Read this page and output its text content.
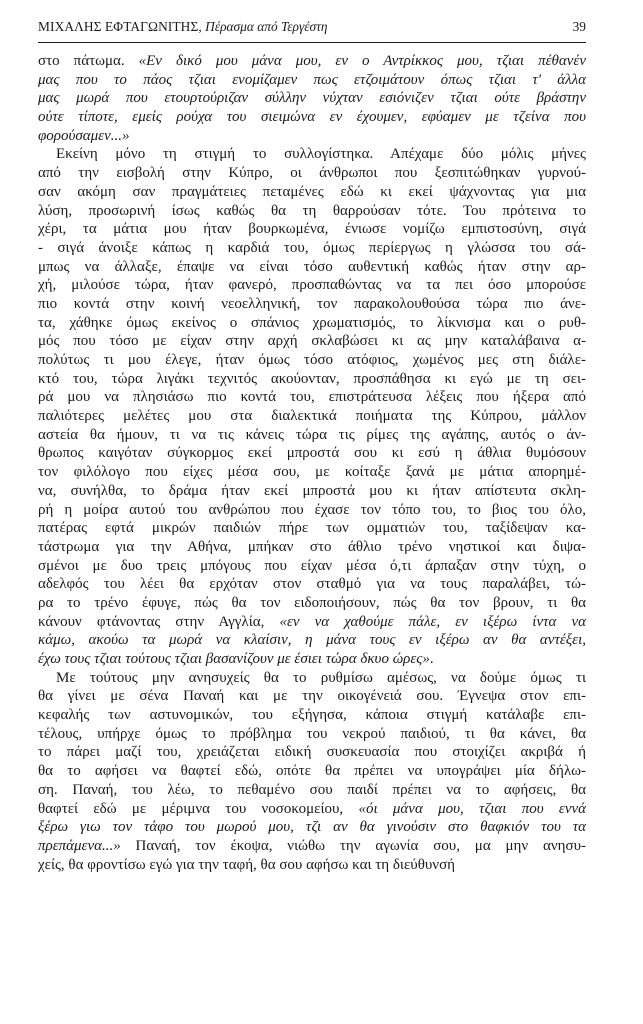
ΜΙΧΑΛΗΣ ΕΦΤΑΓΩΝΙΤΗΣ, Πέρασμα από Τεργέστη	39
στο πάτωμα. «Εν δικό μου μάνα μου, εν ο Αντρίκκος μου, τζιαι πέθανέν
μας που το πάος τζιαι ενομίζαμεν πως ετζοιμάτουν όπως τζιαι τ' άλλα
μας μωρά που ετουρτούριζαν σύλλην νύχταν εσιόνιζεν τζιαι ούτε βράστην
ούτε τίποτε, εμείς ρούχα του σιειμώνα εν έχουμεν, εφύαμεν με τζείνα που
φορούσαμεν...»
Εκείνη μόνο τη στιγμή το συλλογίστηκα. Απέχαμε δύο μόλις μήνες
από την εισβολή στην Κύπρο, οι άνθρωποι που ξεσπιτώθηκαν γυρνού-
σαν ακόμη σαν πραγμάτειες πεταμένες εδώ κι εκεί ψάχνοντας για μια
λύση, προσωρινή ίσως καθώς θα τη θαρρούσαν τότε. Του πρότεινα το
χέρι, τα μάτια μου ήταν βουρκωμένα, ένιωσε νομίζω εμπιστοσύνη, σιγά
- σιγά άνοιξε κάπως η καρδιά του, όμως περίεργως η γλώσσα του σά-
μπως να άλλαξε, έπαψε να είναι τόσο αυθεντική καθώς ήταν στην αρ-
χή, μιλούσε τώρα, ήταν φανερό, προσπαθώντας να τα πει όσο μπορούσε
πιο κοντά στην κοινή νεοελληνική, τον παρακολουθούσα τώρα πιο άνε-
τα, χάθηκε όμως εκείνος ο σπάνιος χρωματισμός, το λίκνισμα και ο ρυθ-
μός που τόσο με είχαν στην αρχή σκλαβώσει κι ας μην καταλάβαινα α-
πολύτως τι μου έλεγε, ήταν όμως τόσο ατόφιος, χωμένος μες στη διάλε-
κτό του, τώρα λιγάκι τεχνιτός ακούονταν, προσπάθησα κι εγώ με τη σει-
ρά μου να πλησιάσω πιο κοντά του, επιστράτευσα λέξεις που ήξερα από
παλιότερες μελέτες μου στα διαλεκτικά ποιήματα της Κύπρου, μάλλον
αστεία θα ήμουν, τι να τις κάνεις τώρα τις ρίμες της αγάπης, αυτός ο άν-
θρωπος καιγόταν σύγκορμος εκεί μπροστά σου κι εσύ η άθλια θυμόσουν
τον φιλόλογο που είχες μέσα σου, με κοίταξε ξανά με μάτια απορημέ-
να, συνήλθα, το δράμα ήταν εκεί μπροστά μου κι ήταν απίστευτα σκλη-
ρή η μοίρα αυτού του ανθρώπου που έχασε τον τόπο του, το βιος του όλο,
πατέρας εφτά μικρών παιδιών πήρε των ομματιών του, ταξίδεψαν κα-
τάστρωμα για την Αθήνα, μπήκαν στο άθλιο τρένο νηστικοί και διψα-
σμένοι με δυο τρεις μπόγους που είχαν μέσα ό,τι άρπαξαν στην τύχη, ο
αδελφός του λέει θα ερχόταν στον σταθμό για να τους παραλάβει, τώ-
ρα το τρένο έφυγε, πώς θα τον ειδοποιήσουν, πώς θα τον βρουν, τι θα
κάνουν φτάνοντας στην Αγγλία, «εν να χαθούμε πάλε, εν ιξέρω ίντα να
κάμω, ακούω τα μωρά να κλαίσιν, η μάνα τους εν ιξέρω αν θα αντέξει,
έχω τους τζιαι τούτους τζιαι βασανίζουν με έσιει τώρα δκυο ώρες».
Με τούτους μην ανησυχείς θα το ρυθμίσω αμέσως, να δούμε όμως τι
θα γίνει με σένα Παναή και με την οικογένειά σου. Έγνεψα στον επι-
κεφαλής των αστυνομικών, του εξήγησα, κάποια στιγμή κατάλαβε επι-
τέλους, υπήρχε όμως το πρόβλημα του νεκρού παιδιού, τι θα κάνει, θα
το πάρει μαζί του, χρειάζεται ειδική συσκευασία που στοιχίζει ακριβά ή
θα το αφήσει να θαφτεί εδώ, οπότε θα πρέπει να υπογράψει μία δήλω-
ση. Παναή, του λέω, το πεθαμένο σου παιδί πρέπει να το αφήσεις, θα
θαφτεί εδώ με μέριμνα του νοσοκομείου, «όι μάνα μου, τζιαι που εννά
ξέρω γιω τον τάφο του μωρού μου, τζι αν θα γινούσιν στο θαφκιόν του τα
πρεπάμενα...» Παναή, τον έκοψα, νιώθω την αγωνία σου, μα μην ανησυ-
χείς, θα φροντίσω εγώ για την ταφή, θα σου αφήσω και τη διεύθυνσή
